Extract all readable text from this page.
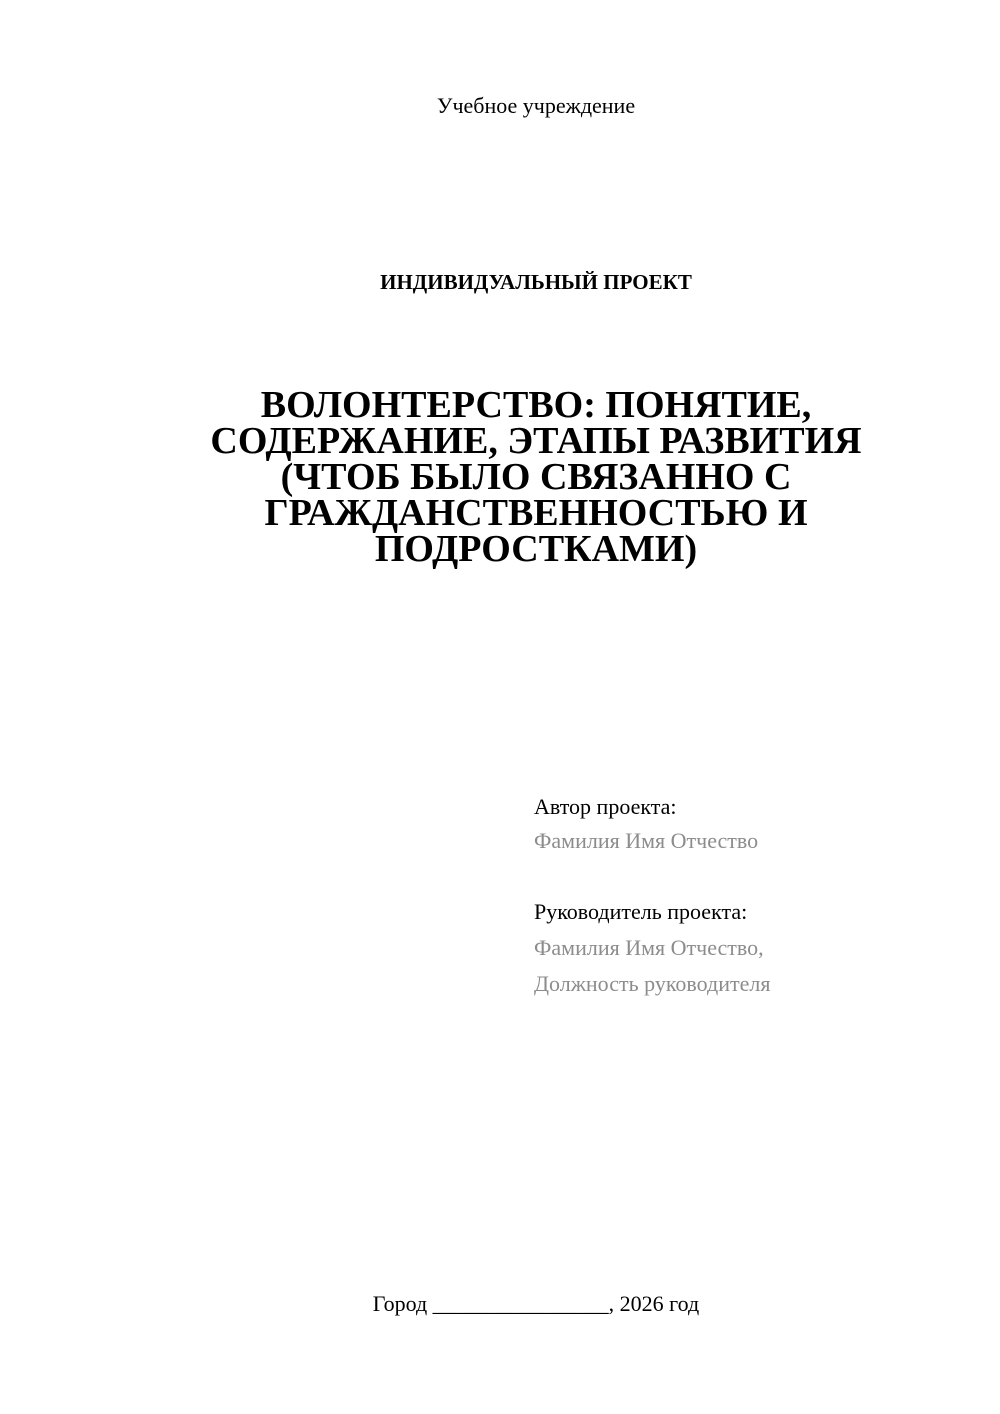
Учебное учреждение
ИНДИВИДУАЛЬНЫЙ ПРОЕКТ
ВОЛОНТЕРСТВО: ПОНЯТИЕ,
СОДЕРЖАНИЕ, ЭТАПЫ РАЗВИТИЯ
(ЧТОБ БЫЛО СВЯЗАННО С
ГРАЖДАНСТВЕННОСТЬЮ И
ПОДРОСТКАМИ)
Автор проекта:
Фамилия Имя Отчество
Руководитель проекта:
Фамилия Имя Отчество,
Должность руководителя
Город ________________, 2026 год
